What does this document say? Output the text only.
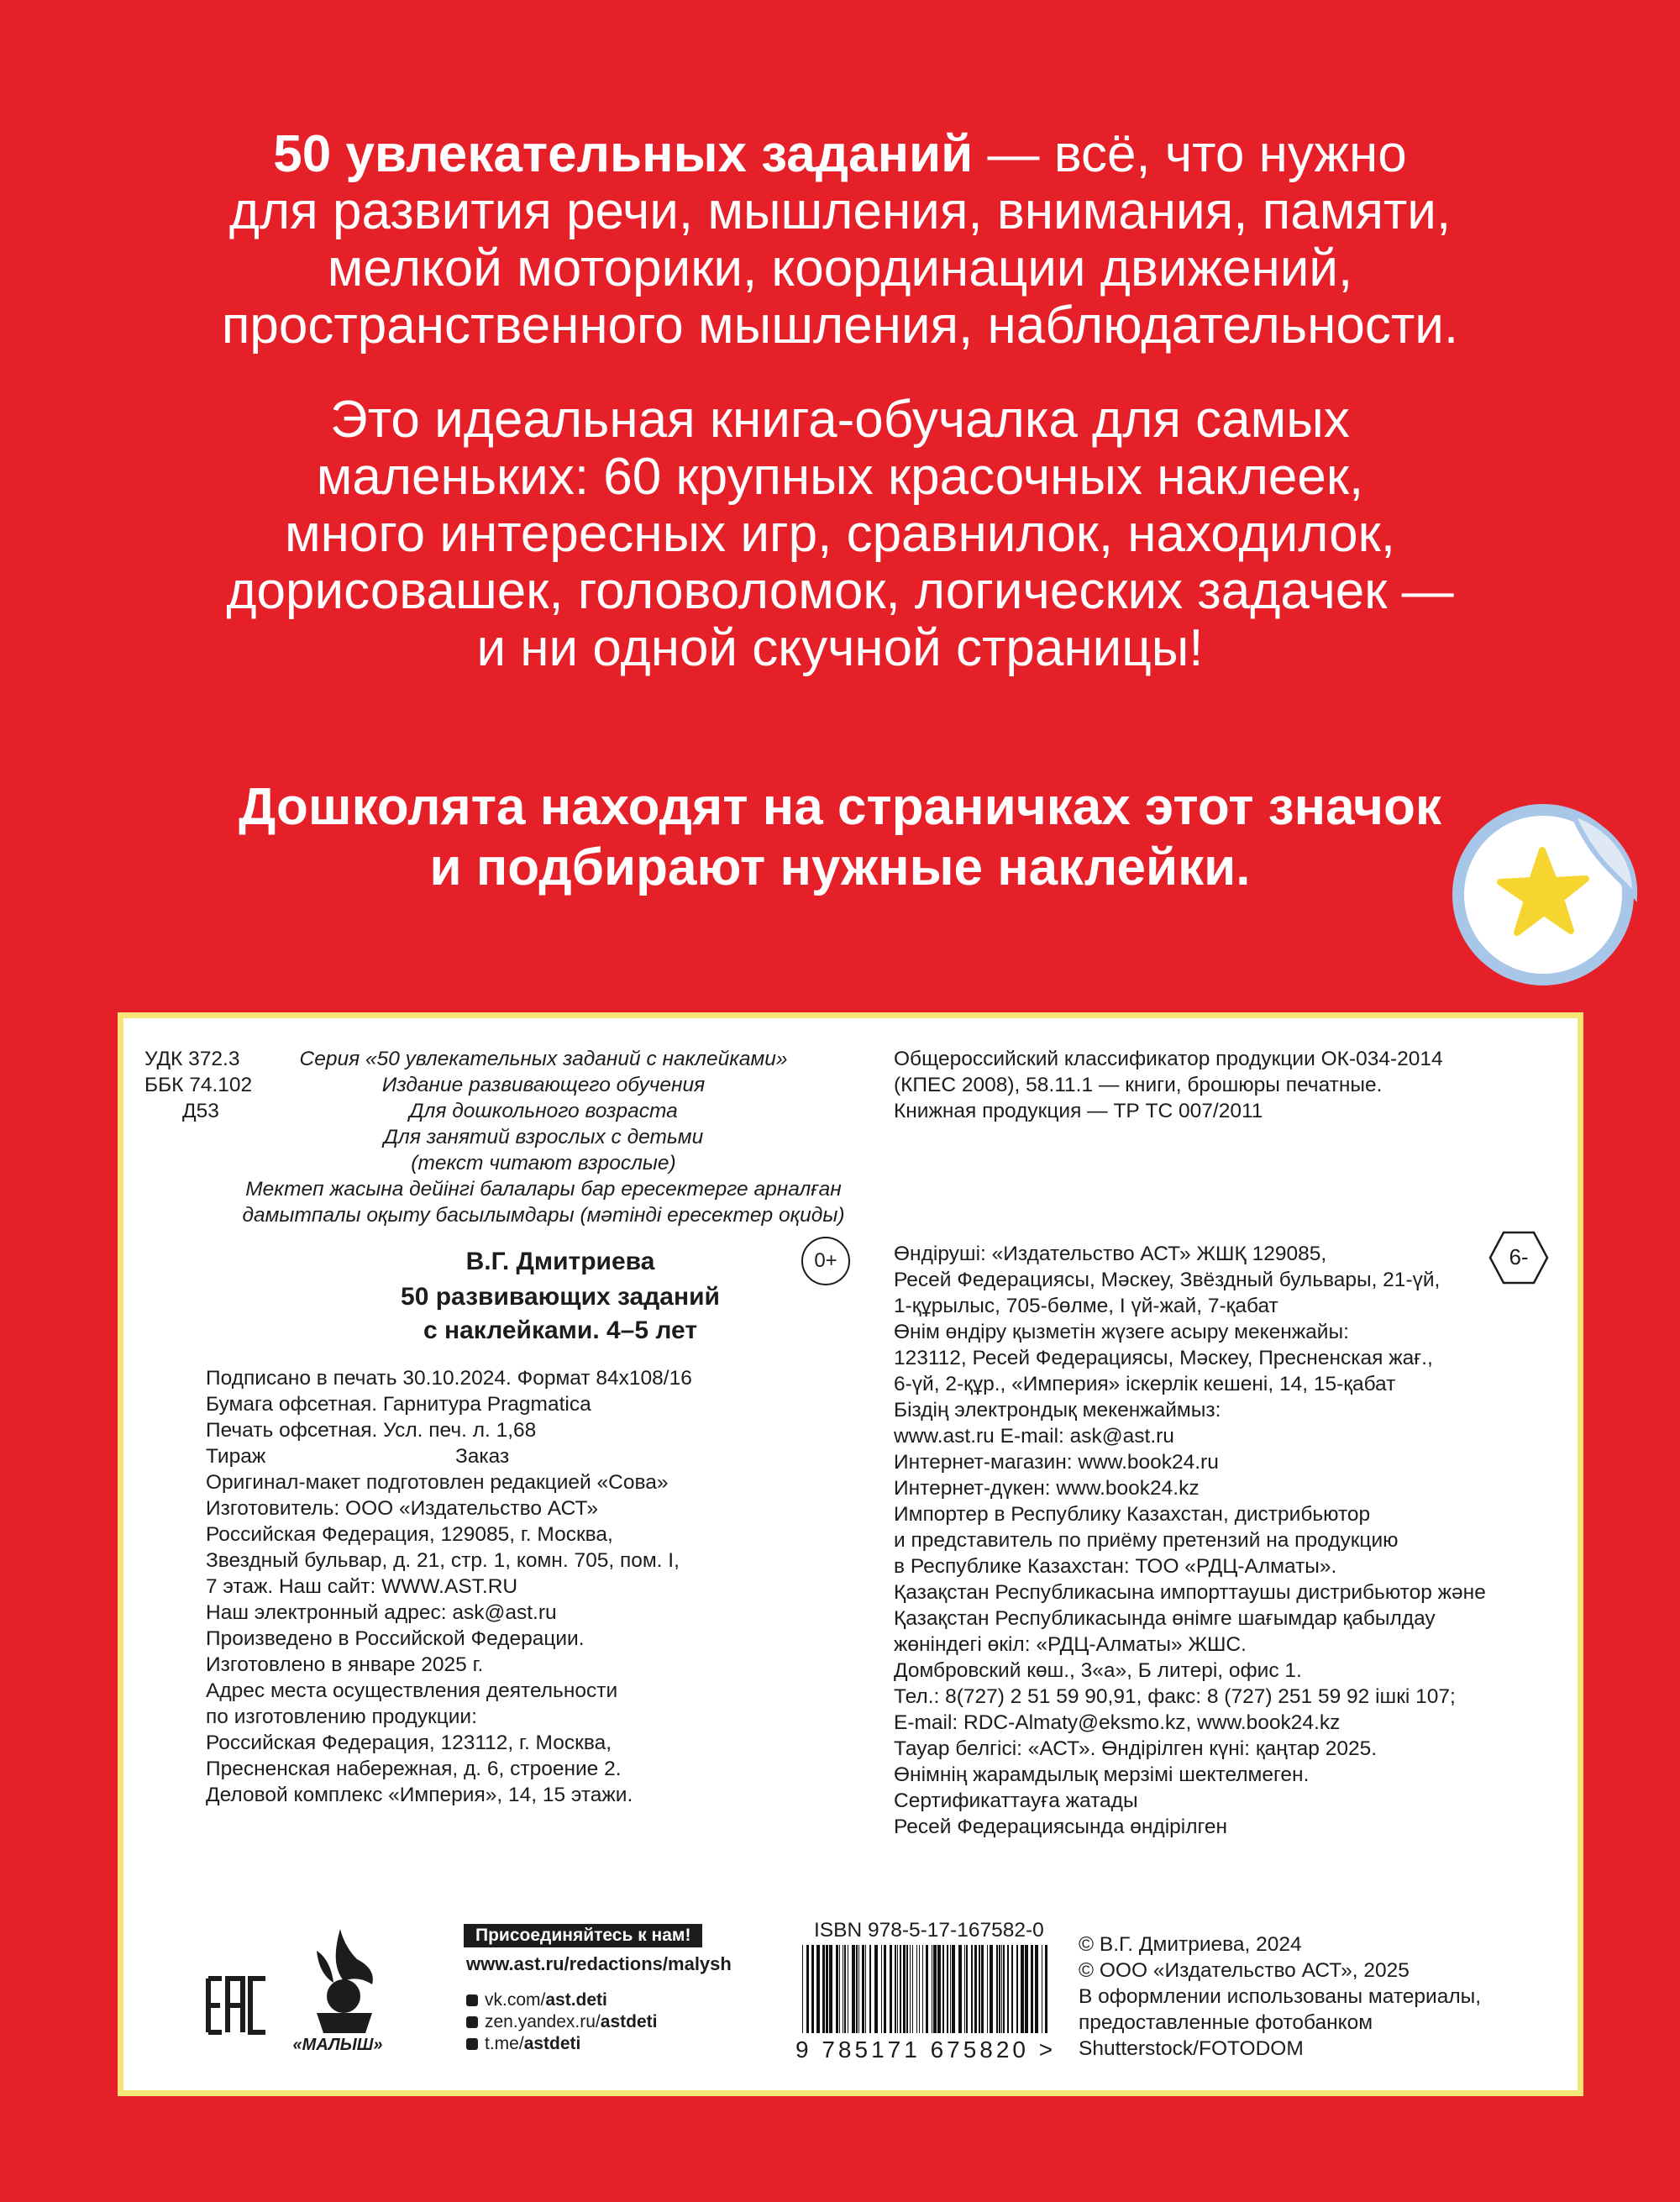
50 увлекательных заданий — всё, что нужно
для развития речи, мышления, внимания, памяти,
мелкой моторики, координации движений,
пространственного мышления, наблюдательности.

Это идеальная книга-обучалка для самых
маленьких: 60 крупных красочных наклеек,
много интересных игр, сравнилок, находилок,
дорисовашек, головоломок, логических задачек —
и ни одной скучной страницы!

Дошколята находят на страничках этот значок
и подбирают нужные наклейки.
УДК 372.3
ББК 74.102
Д53
Серия «50 увлекательных заданий с наклейками»
Издание развивающего обучения
Для дошкольного возраста
Для занятий взрослых с детьми
(текст читают взрослые)
Мектеп жасына дейінгі балалары бар ересектерге арналған
дамытпалы оқыту басылымдары (мәтінді ересектер оқиды)
Общероссийский классификатор продукции ОК-034-2014
(КПЕС 2008), 58.11.1 — книги, брошюры печатные.
Книжная продукция — ТР ТС 007/2011
В.Г. Дмитриева
50 развивающих заданий
с наклейками. 4–5 лет
0+
Подписано в печать 30.10.2024. Формат 84x108/16
Бумага офсетная. Гарнитура Pragmatica
Печать офсетная. Усл. печ. л. 1,68
Тираж	Заказ
Оригинал-макет подготовлен редакцией «Сова»
Изготовитель: ООО «Издательство АСТ»
Российская Федерация, 129085, г. Москва,
Звездный бульвар, д. 21, стр. 1, комн. 705, пом. I,
7 этаж. Наш сайт: WWW.AST.RU
Наш электронный адрес: ask@ast.ru
Произведено в Российской Федерации.
Изготовлено в январе 2025 г.
Адрес места осуществления деятельности
по изготовлению продукции:
Российская Федерация, 123112, г. Москва,
Пресненская набережная, д. 6, строение 2.
Деловой комплекс «Империя», 14, 15 этажи.
6-
Өндіруші: «Издательство АСТ» ЖШҚ 129085,
Ресей Федерациясы, Мәскеу, Звёздный бульвары, 21-үй,
1-құрылыс, 705-бөлме, I үй-жай, 7-қабат
Өнім өндіру қызметін жүзеге асыру мекенжайы:
123112, Ресей Федерациясы, Мәскеу, Пресненская жағ.,
6-үй, 2-құр., «Империя» іскерлік кешені, 14, 15-қабат
Біздің электрондық мекенжаймыз:
www.ast.ru E-mail: ask@ast.ru
Интернет-магазин: www.book24.ru
Интернет-дүкен: www.book24.kz
Импортер в Республику Казахстан, дистрибьютор
и представитель по приёму претензий на продукцию
в Республике Казахстан: ТОО «РДЦ-Алматы».
Қазақстан Республикасына импорттаушы дистрибьютор және
Қазақстан Республикасында өнімге шағымдар қабылдау
жөніндегі өкіл: «РДЦ-Алматы» ЖШС.
Домбровский көш., 3«а», Б литері, офис 1.
Тел.: 8(727) 2 51 59 90,91, факс: 8 (727) 251 59 92 ішкі 107;
E-mail: RDC-Almaty@eksmo.kz, www.book24.kz
Тауар белгісі: «АСТ». Өндірілген күні: қаңтар 2025.
Өнімнің жарамдылық мерзімі шектелмеген.
Сертификаттауға жатады
Ресей Федерациясында өндірілген
«МАЛЫШ»
Присоединяйтесь к нам!
www.ast.ru/redactions/malysh
vk.com/ast.deti
zen.yandex.ru/astdeti
t.me/astdeti
ISBN 978-5-17-167582-0
9 785171 675820 >
© В.Г. Дмитриева, 2024
© ООО «Издательство АСТ», 2025
В оформлении использованы материалы,
предоставленные фотобанком
Shutterstock/FOTODOM
